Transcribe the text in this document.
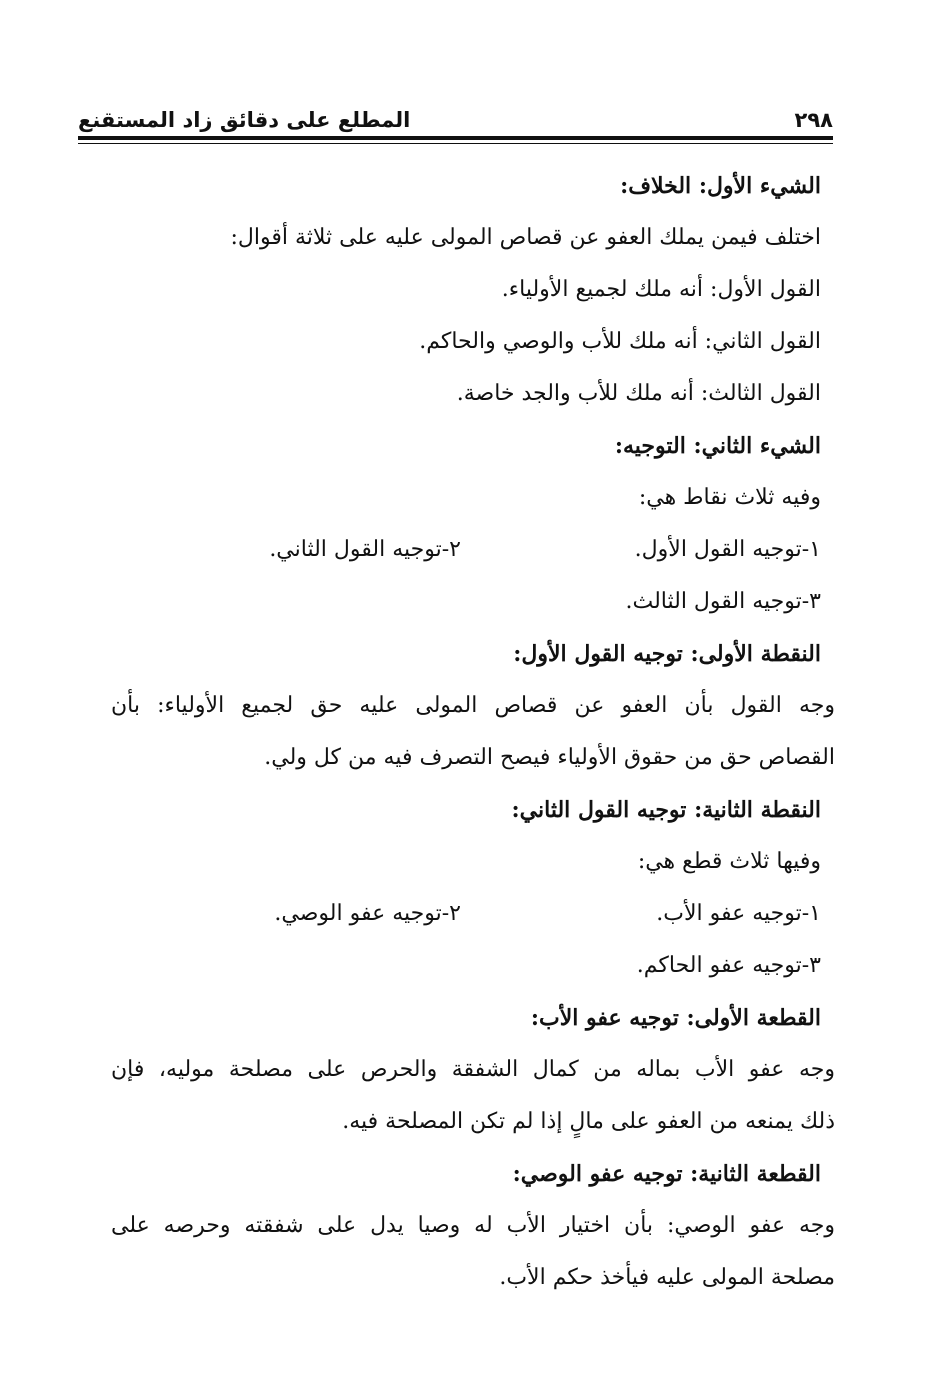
٢٩٨
المطلع على دقائق زاد المستقنع
الشيء الأول: الخلاف:
اختلف فيمن يملك العفو عن قصاص المولى عليه على ثلاثة أقوال:
القول الأول: أنه ملك لجميع الأولياء.
القول الثاني: أنه ملك للأب والوصي والحاكم.
القول الثالث: أنه ملك للأب والجد خاصة.
الشيء الثاني: التوجيه:
وفيه ثلاث نقاط هي:
١-توجيه القول الأول.
٢-توجيه القول الثاني.
٣-توجيه القول الثالث.
النقطة الأولى: توجيه القول الأول:
وجه القول بأن العفو عن قصاص المولى عليه حق لجميع الأولياء: بأن
القصاص حق من حقوق الأولياء فيصح التصرف فيه من كل ولي.
النقطة الثانية: توجيه القول الثاني:
وفيها ثلاث قطع هي:
١-توجيه عفو الأب.
٢-توجيه عفو الوصي.
٣-توجيه عفو الحاكم.
القطعة الأولى: توجيه عفو الأب:
وجه عفو الأب بماله من كمال الشفقة والحرص على مصلحة موليه، فإن
ذلك يمنعه من العفو على مالٍ إذا لم تكن المصلحة فيه.
القطعة الثانية: توجيه عفو الوصي:
وجه عفو الوصي: بأن اختيار الأب له وصيا يدل على شفقته وحرصه على
مصلحة المولى عليه فيأخذ حكم الأب.
